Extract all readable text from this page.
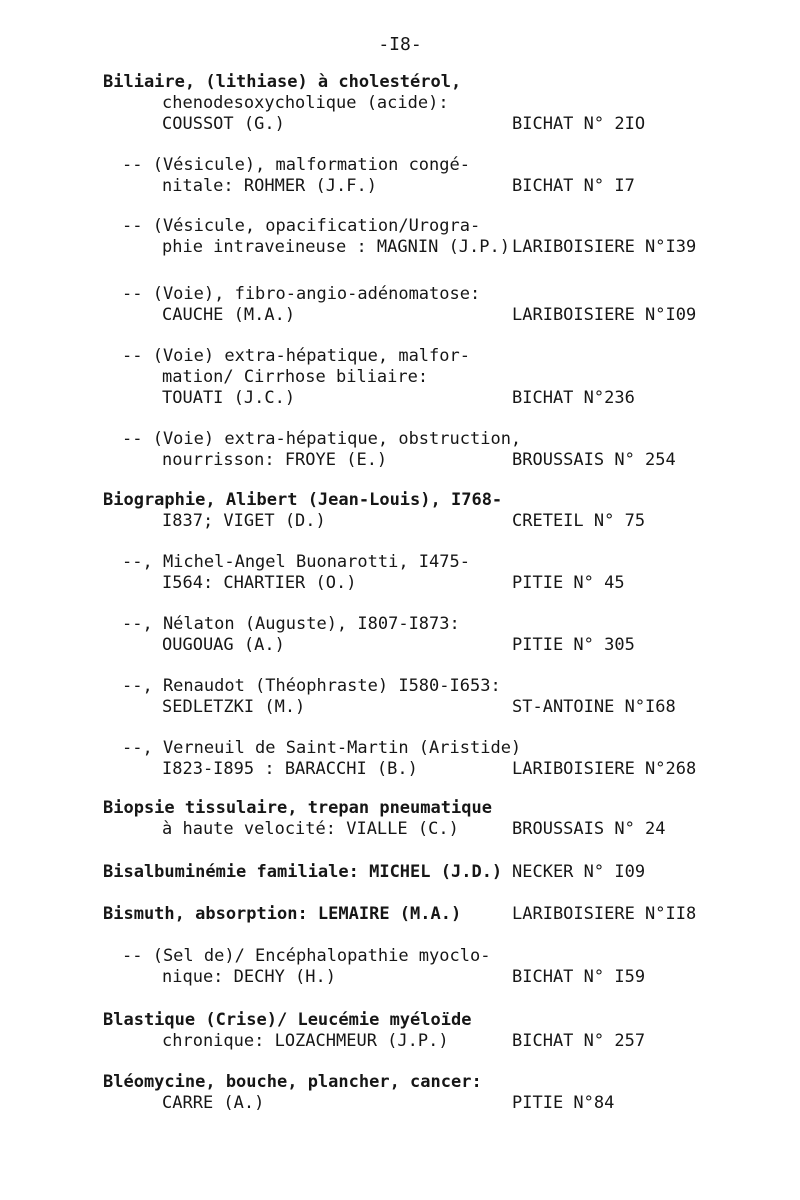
-I8-
Biliaire, (lithiase) à cholestérol,
chenodesoxycholique (acide):
COUSSOT (G.)	BICHAT N° 2IO
-- (Vésicule), malformation congé-
nitale: ROHMER (J.F.)	BICHAT N° I7
-- (Vésicule, opacification/Urogra-
phie intraveineuse : MAGNIN (J.P.) LARIBOISIERE N°I39
-- (Voie), fibro-angio-adénomatose:
CAUCHE (M.A.)	LARIBOISIERE N°I09
-- (Voie) extra-hépatique, malfor-
mation/ Cirrhose biliaire:
TOUATI (J.C.)	BICHAT N°236
-- (Voie) extra-hépatique, obstruction,
nourrisson: FROYE (E.)	BROUSSAIS N° 254
Biographie, Alibert (Jean-Louis), I768-
I837; VIGET (D.)	CRETEIL N° 75
--, Michel-Angel Buonarotti, I475-
I564: CHARTIER (O.)	PITIE N° 45
--, Nélaton (Auguste), I807-I873:
OUGOUAG (A.)	PITIE N° 305
--, Renaudot (Théophraste) I580-I653:
SEDLETZKI (M.)	ST-ANTOINE N°I68
--, Verneuil de Saint-Martin (Aristide)
I823-I895 : BARACCHI (B.)	LARIBOISIERE N°268
Biopsie tissulaire, trepan pneumatique
à haute velocité: VIALLE (C.)	BROUSSAIS N° 24
Bisalbuminémie familiale: MICHEL (J.D.) NECKER N° I09
Bismuth, absorption: LEMAIRE (M.A.)	LARIBOISIERE N°II8
-- (Sel de)/ Encéphalopathie myoclo-
nique: DECHY (H.)	BICHAT N° I59
Blastique (Crise)/ Leucémie myéloïde
chronique: LOZACHMEUR (J.P.)	BICHAT N° 257
Bléomycine, bouche, plancher, cancer:
CARRE (A.)	PITIE N°84
